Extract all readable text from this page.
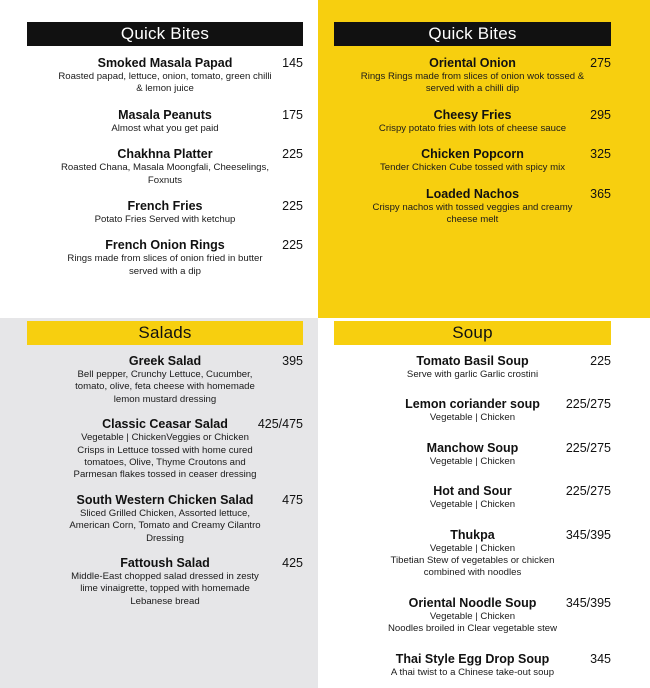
Quick Bites
Smoked Masala Papad	145
Roasted papad, lettuce, onion, tomato, green chilli
& lemon juice
Masala Peanuts	175
Almost what you get paid
Chakhna Platter	225
Roasted Chana, Masala Moongfali, Cheeselings,
Foxnuts
French Fries	225
Potato Fries Served with ketchup
French Onion Rings	225
Rings made from slices of onion fried in butter
served with a dip
Quick Bites
Oriental Onion	275
Rings Rings made from slices of onion wok tossed &
served with a chilli dip
Cheesy Fries	295
Crispy potato fries with lots of cheese sauce
Chicken Popcorn	325
Tender Chicken Cube tossed with spicy mix
Loaded Nachos	365
Crispy nachos with tossed veggies and creamy
cheese melt
Salads
Greek Salad	395
Bell pepper, Crunchy Lettuce, Cucumber,
tomato, olive, feta cheese with homemade
lemon mustard dressing
Classic Ceasar Salad	425/475
Vegetable | ChickenVeggies or Chicken
Crisps in Lettuce tossed with home cured
tomatoes, Olive, Thyme Croutons and
Parmesan flakes tossed in ceaser dressing
South Western Chicken Salad	475
Sliced Grilled Chicken, Assorted lettuce,
American Corn, Tomato and Creamy Cilantro
Dressing
Fattoush Salad	425
Middle-East chopped salad dressed in zesty
lime vinaigrette, topped with homemade
Lebanese bread
Soup
Tomato Basil Soup	225
Serve with garlic Garlic crostini
Lemon coriander soup	225/275
Vegetable | Chicken
Manchow Soup	225/275
Vegetable | Chicken
Hot and Sour	225/275
Vegetable | Chicken
Thukpa	345/395
Vegetable | Chicken
Tibetian Stew of vegetables or chicken
combined with noodles
Oriental Noodle Soup	345/395
Vegetable | Chicken
Noodles broiled in Clear vegetable stew
Thai Style Egg Drop Soup	345
A thai twist to a Chinese take-out soup
